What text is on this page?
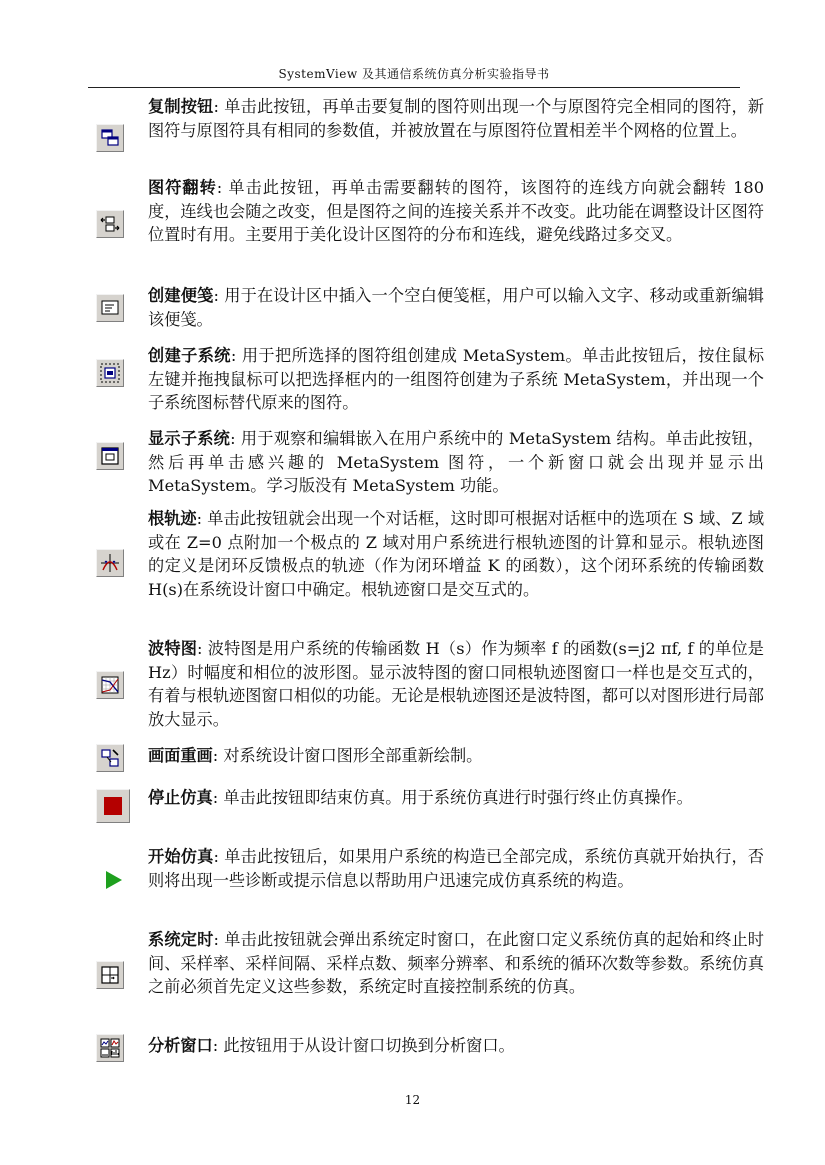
SystemView 及其通信系统仿真分析实验指导书
复制按钮: 单击此按钮，再单击要复制的图符则出现一个与原图符完全相同的图符，新图符与原图符具有相同的参数值，并被放置在与原图符位置相差半个网格的位置上。
图符翻转: 单击此按钮，再单击需要翻转的图符，该图符的连线方向就会翻转 180 度，连线也会随之改变，但是图符之间的连接关系并不改变。此功能在调整设计区图符位置时有用。主要用于美化设计区图符的分布和连线，避免线路过多交叉。
创建便笺: 用于在设计区中插入一个空白便笺框，用户可以输入文字、移动或重新编辑该便笺。
创建子系统: 用于把所选择的图符组创建成 MetaSystem。单击此按钮后，按住鼠标左键并拖拽鼠标可以把选择框内的一组图符创建为子系统 MetaSystem，并出现一个子系统图标替代原来的图符。
显示子系统: 用于观察和编辑嵌入在用户系统中的 MetaSystem 结构。单击此按钮，然后再单击感兴趣的 MetaSystem 图符，一个新窗口就会出现并显示出 MetaSystem。学习版没有 MetaSystem 功能。
根轨迹: 单击此按钮就会出现一个对话框，这时即可根据对话框中的选项在 S 域、Z 域或在 Z=0 点附加一个极点的 Z 域对用户系统进行根轨迹图的计算和显示。根轨迹图的定义是闭环反馈极点的轨迹（作为闭环增益 K 的函数），这个闭环系统的传输函数 H(s)在系统设计窗口中确定。根轨迹窗口是交互式的。
波特图: 波特图是用户系统的传输函数 H（s）作为频率 f 的函数(s=j2 πf, f 的单位是 Hz）时幅度和相位的波形图。显示波特图的窗口同根轨迹图窗口一样也是交互式的，有着与根轨迹图窗口相似的功能。无论是根轨迹图还是波特图，都可以对图形进行局部放大显示。
画面重画: 对系统设计窗口图形全部重新绘制。
停止仿真: 单击此按钮即结束仿真。用于系统仿真进行时强行终止仿真操作。
开始仿真: 单击此按钮后，如果用户系统的构造已全部完成，系统仿真就开始执行，否则将出现一些诊断或提示信息以帮助用户迅速完成仿真系统的构造。
系统定时: 单击此按钮就会弹出系统定时窗口，在此窗口定义系统仿真的起始和终止时间、采样率、采样间隔、采样点数、频率分辨率、和系统的循环次数等参数。系统仿真之前必须首先定义这些参数，系统定时直接控制系统的仿真。
分析窗口: 此按钮用于从设计窗口切换到分析窗口。
12
